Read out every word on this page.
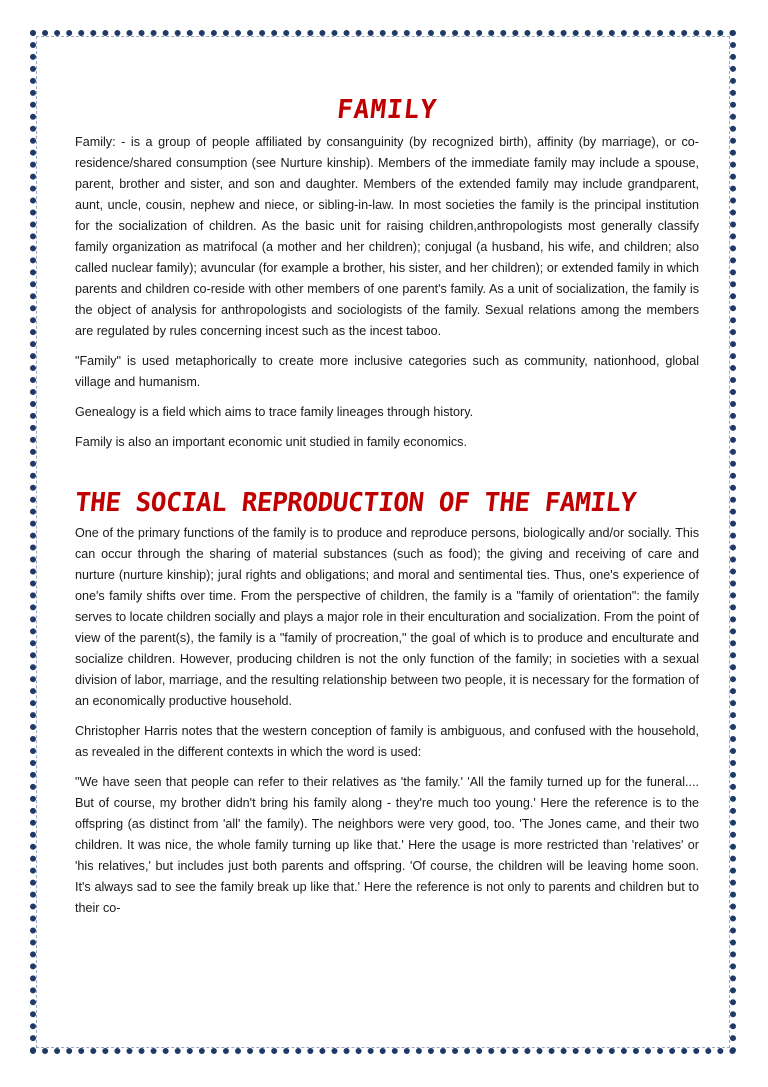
FAMILY

Family: - is a group of people affiliated by consanguinity (by recognized birth), affinity (by marriage), or co-residence/shared consumption (see Nurture kinship). Members of the immediate family may include a spouse, parent, brother and sister, and son and daughter. Members of the extended family may include grandparent, aunt, uncle, cousin, nephew and niece, or sibling-in-law. In most societies the family is the principal institution for the socialization of children. As the basic unit for raising children,anthropologists most generally classify family organization as matrifocal (a mother and her children); conjugal (a husband, his wife, and children; also called nuclear family); avuncular (for example a brother, his sister, and her children); or extended family in which parents and children co-reside with other members of one parent's family. As a unit of socialization, the family is the object of analysis for anthropologists and sociologists of the family. Sexual relations among the members are regulated by rules concerning incest such as the incest taboo.

"Family" is used metaphorically to create more inclusive categories such as community, nationhood, global village and humanism.

Genealogy is a field which aims to trace family lineages through history.

Family is also an important economic unit studied in family economics.

THE SOCIAL REPRODUCTION OF THE FAMILY

One of the primary functions of the family is to produce and reproduce persons, biologically and/or socially. This can occur through the sharing of material substances (such as food); the giving and receiving of care and nurture (nurture kinship); jural rights and obligations; and moral and sentimental ties. Thus, one's experience of one's family shifts over time. From the perspective of children, the family is a "family of orientation": the family serves to locate children socially and plays a major role in their enculturation and socialization. From the point of view of the parent(s), the family is a "family of procreation," the goal of which is to produce and enculturate and socialize children. However, producing children is not the only function of the family; in societies with a sexual division of labor, marriage, and the resulting relationship between two people, it is necessary for the formation of an economically productive household.

Christopher Harris notes that the western conception of family is ambiguous, and confused with the household, as revealed in the different contexts in which the word is used:

"We have seen that people can refer to their relatives as 'the family.' 'All the family turned up for the funeral.... But of course, my brother didn't bring his family along - they're much too young.' Here the reference is to the offspring (as distinct from 'all' the family). The neighbors were very good, too. 'The Jones came, and their two children. It was nice, the whole family turning up like that.' Here the usage is more restricted than 'relatives' or 'his relatives,' but includes just both parents and offspring. 'Of course, the children will be leaving home soon. It's always sad to see the family break up like that.' Here the reference is not only to parents and children but to their co-
